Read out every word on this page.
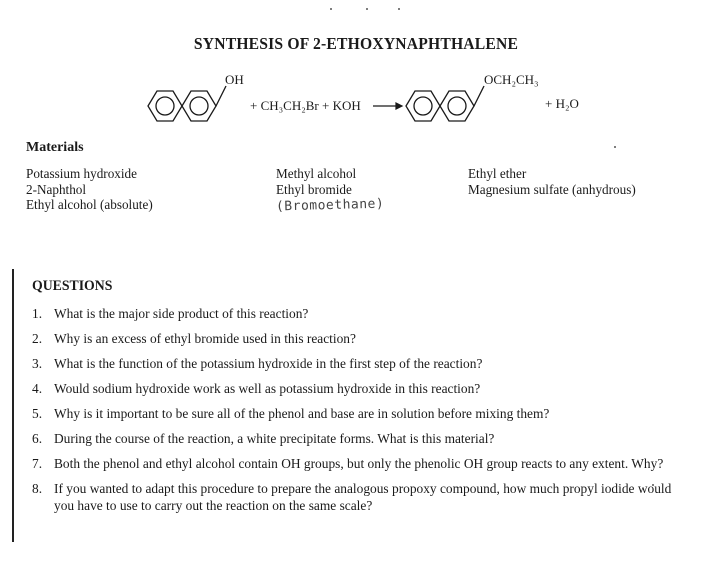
SYNTHESIS OF 2-ETHOXYNAPHTHALENE
OH
+ CH₃CH₂Br + KOH
OCH₂CH₃
+ H₂O
Materials
Potassium hydroxide
2-Naphthol
Ethyl alcohol (absolute)
Methyl alcohol
Ethyl bromide
(Bromoethane)
Ethyl ether
Magnesium sulfate (anhydrous)
QUESTIONS
1. What is the major side product of this reaction?
2. Why is an excess of ethyl bromide used in this reaction?
3. What is the function of the potassium hydroxide in the first step of the reaction?
4. Would sodium hydroxide work as well as potassium hydroxide in this reaction?
5. Why is it important to be sure all of the phenol and base are in solution before mixing them?
6. During the course of the reaction, a white precipitate forms. What is this material?
7. Both the phenol and ethyl alcohol contain OH groups, but only the phenolic OH group reacts to any extent. Why?
8. If you wanted to adapt this procedure to prepare the analogous propoxy compound, how much propyl iodide would you have to use to carry out the reaction on the same scale?
